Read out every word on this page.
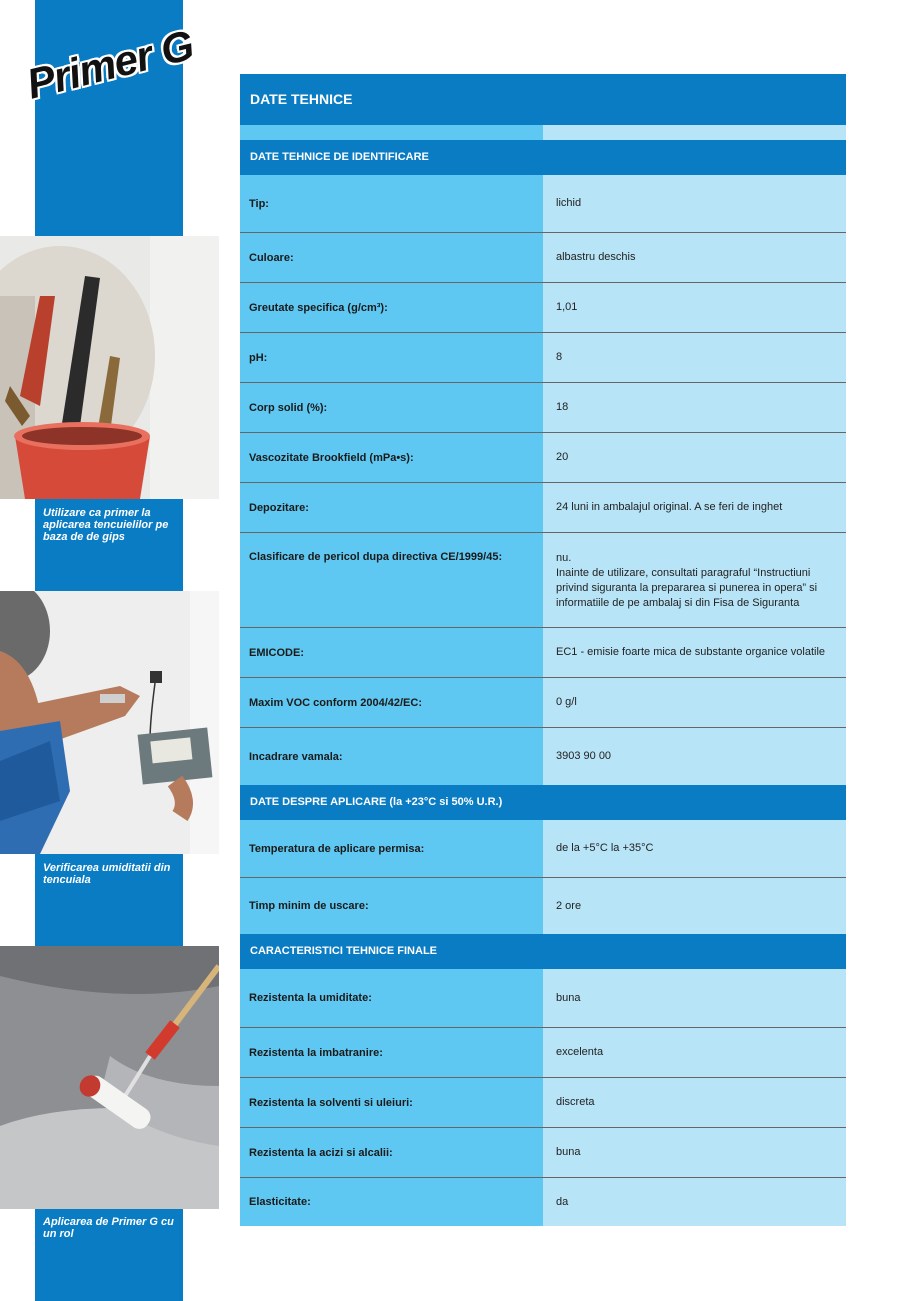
Primer G
Utilizare ca primer la aplicarea tencuielilor pe baza de de gips
Verificarea umiditatii din tencuiala
Aplicarea de Primer G cu un rol
DATE TEHNICE
DATE TEHNICE DE IDENTIFICARE
Tip:	lichid
Culoare:	albastru deschis
Greutate specifica (g/cm³):	1,01
pH:	8
Corp solid (%):	18
Vascozitate Brookfield (mPa•s):	20
Depozitare:	24 luni in ambalajul original. A se feri de inghet
Clasificare de pericol dupa directiva CE/1999/45:	nu.
Inainte de utilizare, consultati paragraful “Instructiuni privind siguranta la prepararea si punerea in opera” si informatiile de pe ambalaj si din Fisa de Siguranta
EMICODE:	EC1 - emisie foarte mica de substante organice volatile
Maxim VOC conform 2004/42/EC:	0 g/l
Incadrare vamala:	3903 90 00
DATE DESPRE APLICARE (la +23°C si 50% U.R.)
Temperatura de aplicare permisa:	de la +5°C la +35°C
Timp minim de uscare:	2 ore
CARACTERISTICI TEHNICE FINALE
Rezistenta la umiditate:	buna
Rezistenta la imbatranire:	excelenta
Rezistenta la solventi si uleiuri:	discreta
Rezistenta la acizi si alcalii:	buna
Elasticitate:	da
